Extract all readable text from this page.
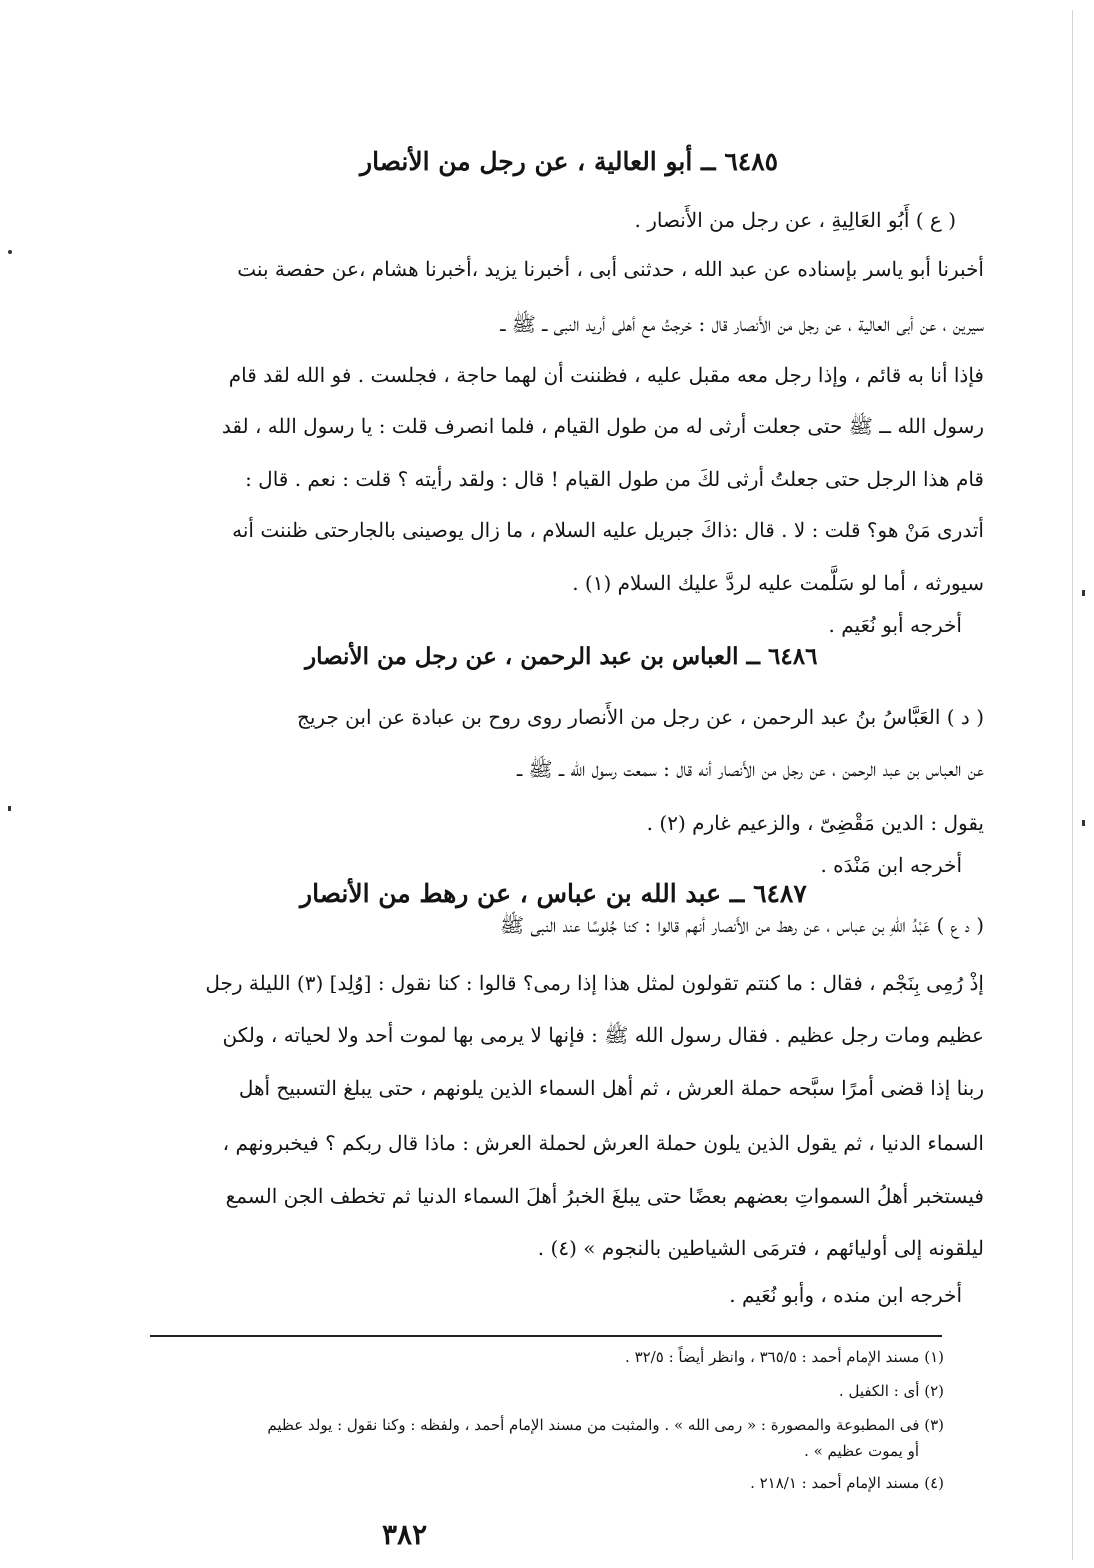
٦٤٨٥ ــ أبو العالية ، عن رجل من الأنصار
( ع ) أَبُو العَالِيةِ ، عن رجل من الأَنصار .
أخبرنا أبو ياسر بإسناده عن عبد الله ، حدثنى أبى ، أخبرنا يزيد ،أخبرنا هشام ،عن حفصة بنت
سيرين ، عن أبى العالية ، عن رجل من الأَنصار قال : خرجتُ مع أهلى أريد النبى ــ ﷺ ــ
فإذا أنا به قائم ، وإذا رجل معه مقبل عليه ، فظننت أن لهما حاجة ، فجلست . فو الله لقد قام
رسول الله ــ ﷺ حتى جعلت أرثى له من طول القيام ، فلما انصرف قلت : يا رسول الله ، لقد
قام هذا الرجل حتى جعلتُ أرثى لكَ من طول القيام ! قال : ولقد رأيته ؟ قلت : نعم . قال :
أتدرى مَنْ هو؟ قلت : لا . قال :ذاكَ جبريل عليه السلام ، ما زال يوصينى بالجارحتى ظننت أنه
سيورثه ، أما لو سَلَّمت عليه لردَّ عليك السلام (١) .
أخرجه أبو نُعَيم .
٦٤٨٦ ــ العباس بن عبد الرحمن ، عن رجل من الأنصار
( د ) العَبَّاسُ بنُ عبد الرحمن ، عن رجل من الأَنصار روى روح بن عبادة عن ابن جريج
عن العباس بن عبد الرحمن ، عن رجل من الأَنصار أنه قال : سمعت رسول الله ــ ﷺ ــ
يقول : الدين مَقْضِىّ ، والزعيم غارم (٢) .
أخرجه ابن مَنْدَه .
٦٤٨٧ ــ عبد الله بن عباس ، عن رهط من الأنصار
( د ع ) عَبْدُ اللهِ بن عباس ، عن رهط من الأَنصار أنهم قالوا : كنا جُلوسًا عند النبى ﷺ
إذْ رُمِى بِنَجْم ، فقال : ما كنتم تقولون لمثل هذا إذا رمى؟ قالوا : كنا نقول : [وُلِد] (٣) الليلة رجل
عظيم ومات رجل عظيم . فقال رسول الله ﷺ : فإنها لا يرمى بها لموت أحد ولا لحياته ، ولكن
ربنا إذا قضى أمرًا سبَّحه حملة العرش ، ثم أهل السماء الذين يلونهم ، حتى يبلغ التسبيح أهل
السماء الدنيا ، ثم يقول الذين يلون حملة العرش لحملة العرش : ماذا قال ربكم ؟ فيخبرونهم ،
فيستخبر أهلُ السمواتِ بعضهم بعضًا حتى يبلغَ الخبرُ أهلَ السماء الدنيا ثم تخطف الجن السمع
ليلقونه إلى أوليائهم ، فترمَى الشياطين بالنجوم » (٤) .
أخرجه ابن منده ، وأبو نُعَيم .
(١) مسند الإمام أحمد : ٣٦٥/٥ ، وانظر أيضاً : ٣٢/٥ .
(٢) أى : الكفيل .
(٣) فى المطبوعة والمصورة : « رمى الله » . والمثبت من مسند الإمام أحمد ، ولفظه : وكنا نقول : يولد عظيم
أو يموت عظيم » .
(٤) مسند الإمام أحمد : ٢١٨/١ .
٣٨٢
